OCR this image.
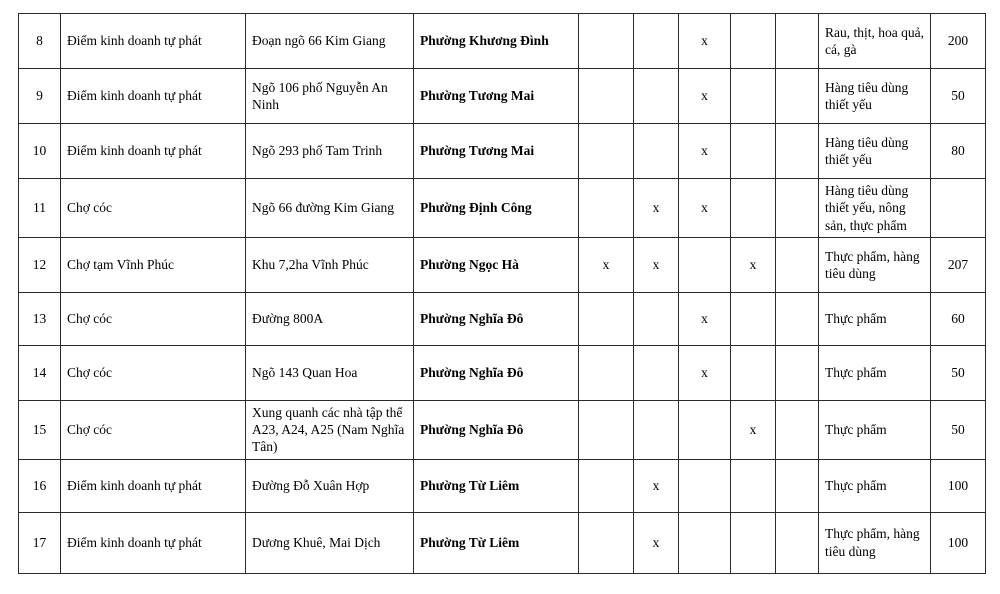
8	Điểm kinh doanh tự phát	Đoạn ngõ 66 Kim Giang	Phường Khương Đình			x			Rau, thịt, hoa quả, cá, gà	200
9	Điểm kinh doanh tự phát	Ngõ 106 phố Nguyễn An Ninh	Phường Tương Mai			x			Hàng tiêu dùng thiết yếu	50
10	Điểm kinh doanh tự phát	Ngõ 293 phố Tam Trinh	Phường Tương Mai			x			Hàng tiêu dùng thiết yếu	80
11	Chợ cóc	Ngõ 66 đường Kim Giang	Phường Định Công		x	x			Hàng tiêu dùng thiết yếu, nông sản, thực phẩm	
12	Chợ tạm Vĩnh Phúc	Khu 7,2ha Vĩnh Phúc	Phường Ngọc Hà	x	x		x		Thực phẩm, hàng tiêu dùng	207
13	Chợ cóc	Đường 800A	Phường Nghĩa Đô			x			Thực phẩm	60
14	Chợ cóc	Ngõ 143 Quan Hoa	Phường Nghĩa Đô			x			Thực phẩm	50
15	Chợ cóc	Xung quanh các nhà tập thể A23, A24, A25 (Nam Nghĩa Tân)	Phường Nghĩa Đô				x		Thực phẩm	50
16	Điểm kinh doanh tự phát	Đường Đỗ Xuân Hợp	Phường Từ Liêm		x				Thực phẩm	100
17	Điểm kinh doanh tự phát	Dương Khuê, Mai Dịch	Phường Từ Liêm		x				Thực phẩm, hàng tiêu dùng	100
